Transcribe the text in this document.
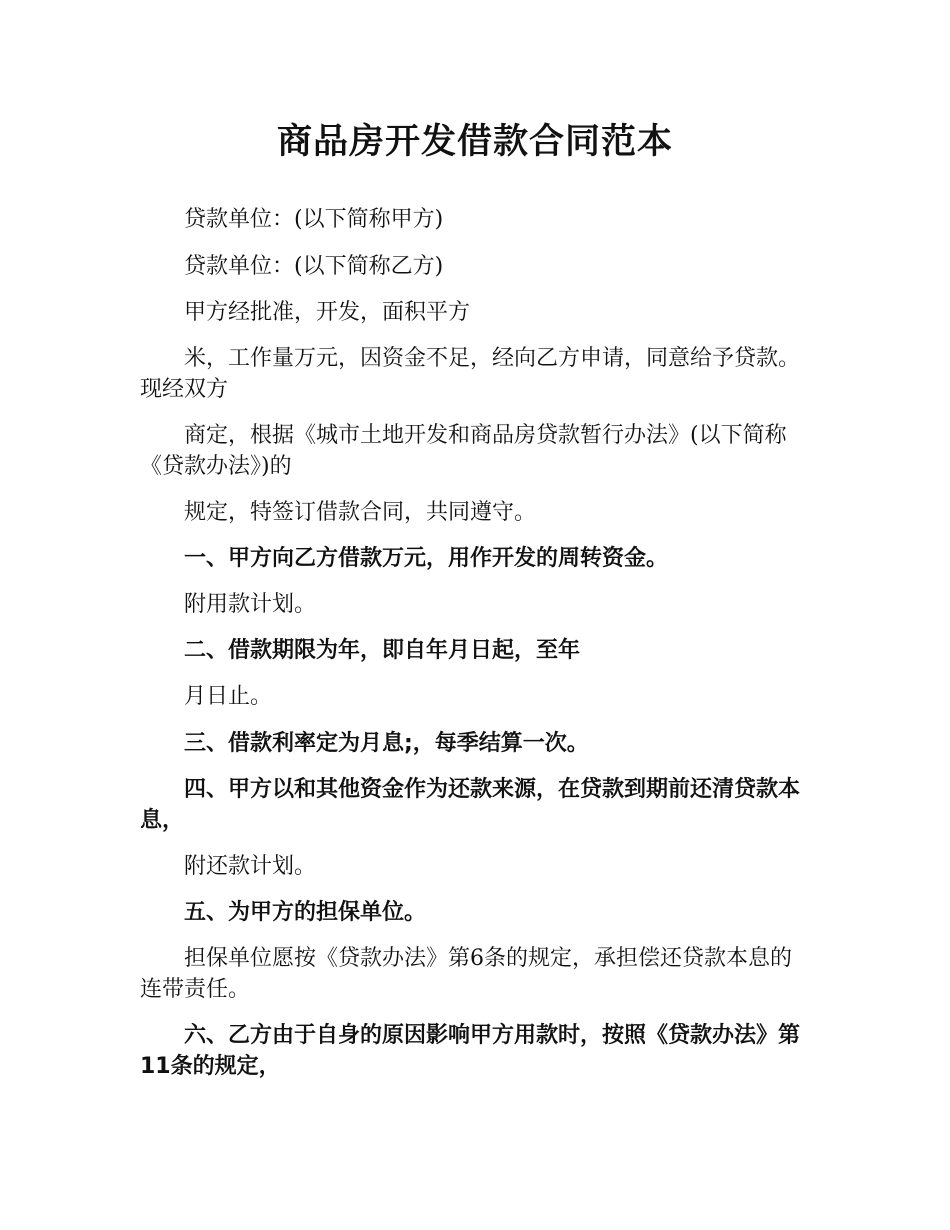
商品房开发借款合同范本

贷款单位：(以下简称甲方)

贷款单位：(以下简称乙方)

甲方经批准，开发，面积平方

米，工作量万元，因资金不足，经向乙方申请，同意给予贷款。现经双方

商定，根据《城市土地开发和商品房贷款暂行办法》(以下简称《贷款办法》)的

规定，特签订借款合同，共同遵守。

一、甲方向乙方借款万元，用作开发的周转资金。

附用款计划。

二、借款期限为年，即自年月日起，至年

月日止。

三、借款利率定为月息;，每季结算一次。

四、甲方以和其他资金作为还款来源，在贷款到期前还清贷款本息，

附还款计划。

五、为甲方的担保单位。

担保单位愿按《贷款办法》第6条的规定，承担偿还贷款本息的连带责任。

六、乙方由于自身的原因影响甲方用款时，按照《贷款办法》第11条的规定，
